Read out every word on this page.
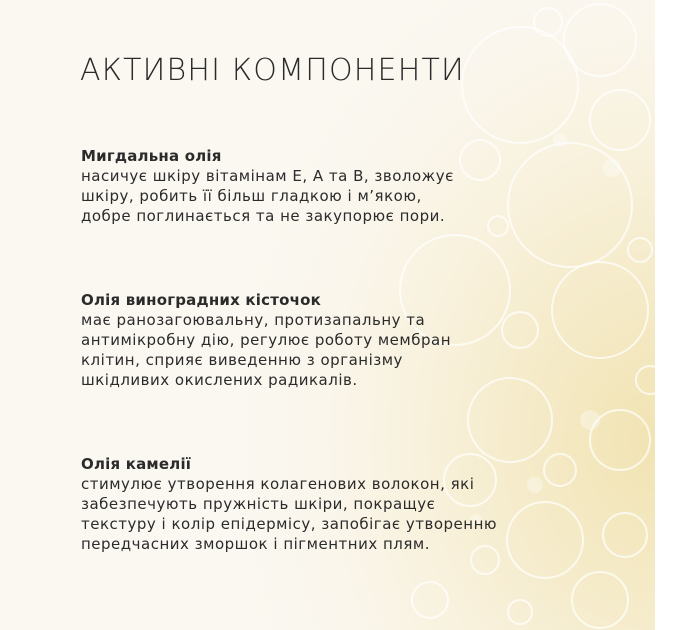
АКТИВНІ КОМПОНЕНТИ
Мигдальна олія
насичує шкіру вітамінам Е, А та В, зволожує
шкіру, робить її більш гладкою і м’якою,
добре поглинається та не закупорює пори.
Олія виноградних кісточок
має ранозагоювальну, протизапальну та
антимікробну дію, регулює роботу мембран
клітин, сприяє виведенню з організму
шкідливих окислених радикалів.
Олія камелії
стимулює утворення колагенових волокон, які
забезпечують пружність шкіри, покращує
текстуру і колір епідермісу, запобігає утворенню
передчасних зморшок і пігментних плям.
